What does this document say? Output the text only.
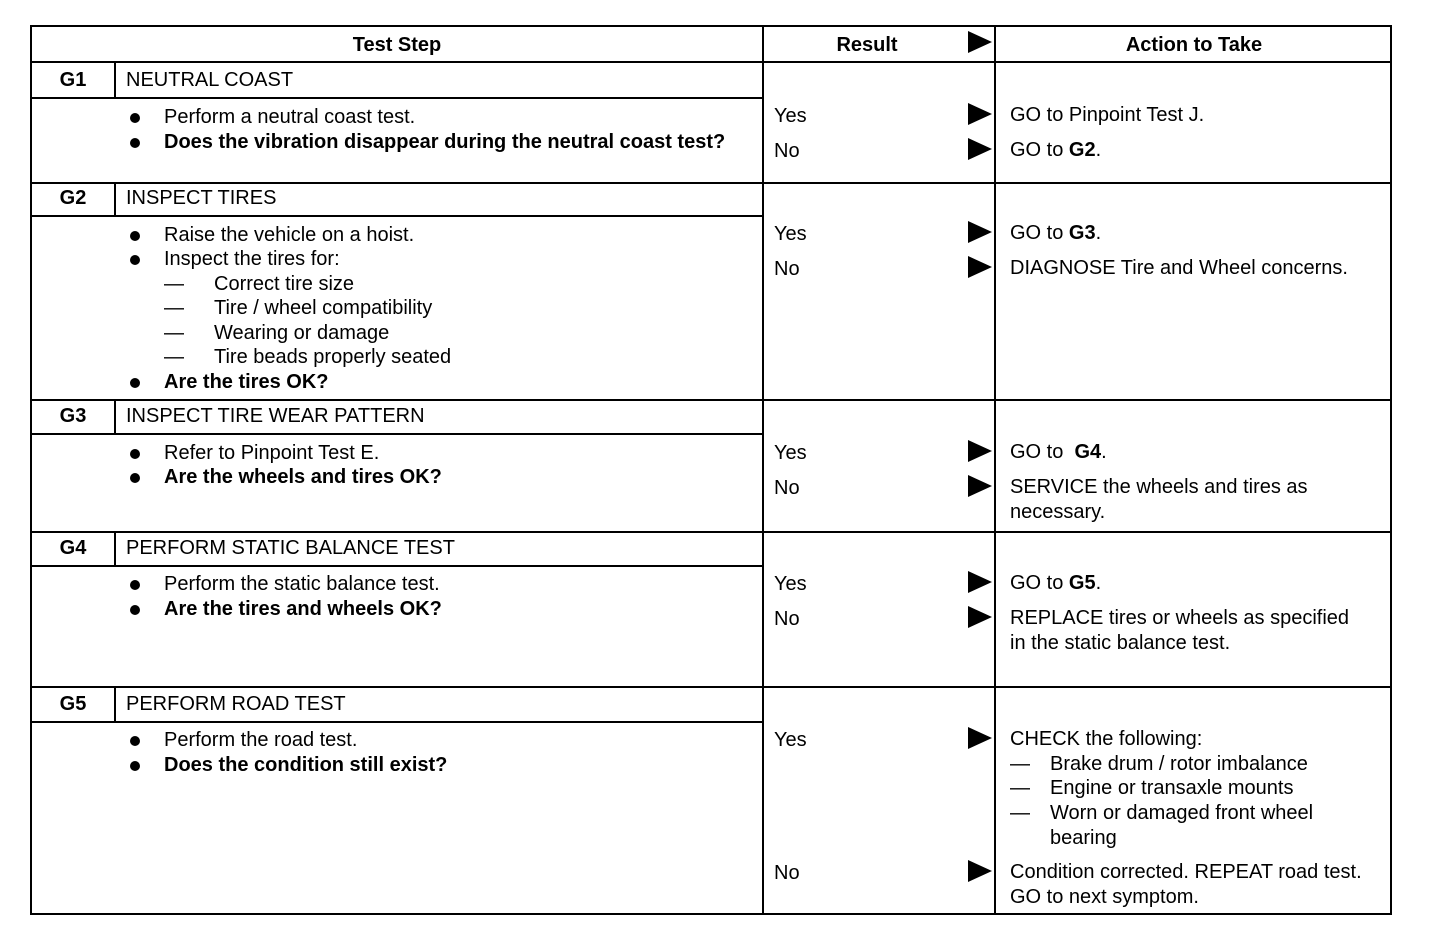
Test Step	Result	Action to Take
G1	NEUTRAL COAST
Perform a neutral coast test.
Does the vibration disappear during the neutral coast test?
Yes	GO to Pinpoint Test J.
No	GO to G2.
G2	INSPECT TIRES
Raise the vehicle on a hoist.
Inspect the tires for:
— Correct tire size
— Tire / wheel compatibility
— Wearing or damage
— Tire beads properly seated
Are the tires OK?
Yes	GO to G3.
No	DIAGNOSE Tire and Wheel concerns.
G3	INSPECT TIRE WEAR PATTERN
Refer to Pinpoint Test E.
Are the wheels and tires OK?
Yes	GO to  G4.
No	SERVICE the wheels and tires as necessary.
G4	PERFORM STATIC BALANCE TEST
Perform the static balance test.
Are the tires and wheels OK?
Yes	GO to G5.
No	REPLACE tires or wheels as specified in the static balance test.
G5	PERFORM ROAD TEST
Perform the road test.
Does the condition still exist?
Yes	CHECK the following:
— Brake drum / rotor imbalance
— Engine or transaxle mounts
—	Worn or damaged front wheel bearing
No	Condition corrected. REPEAT road test. GO to next symptom.
